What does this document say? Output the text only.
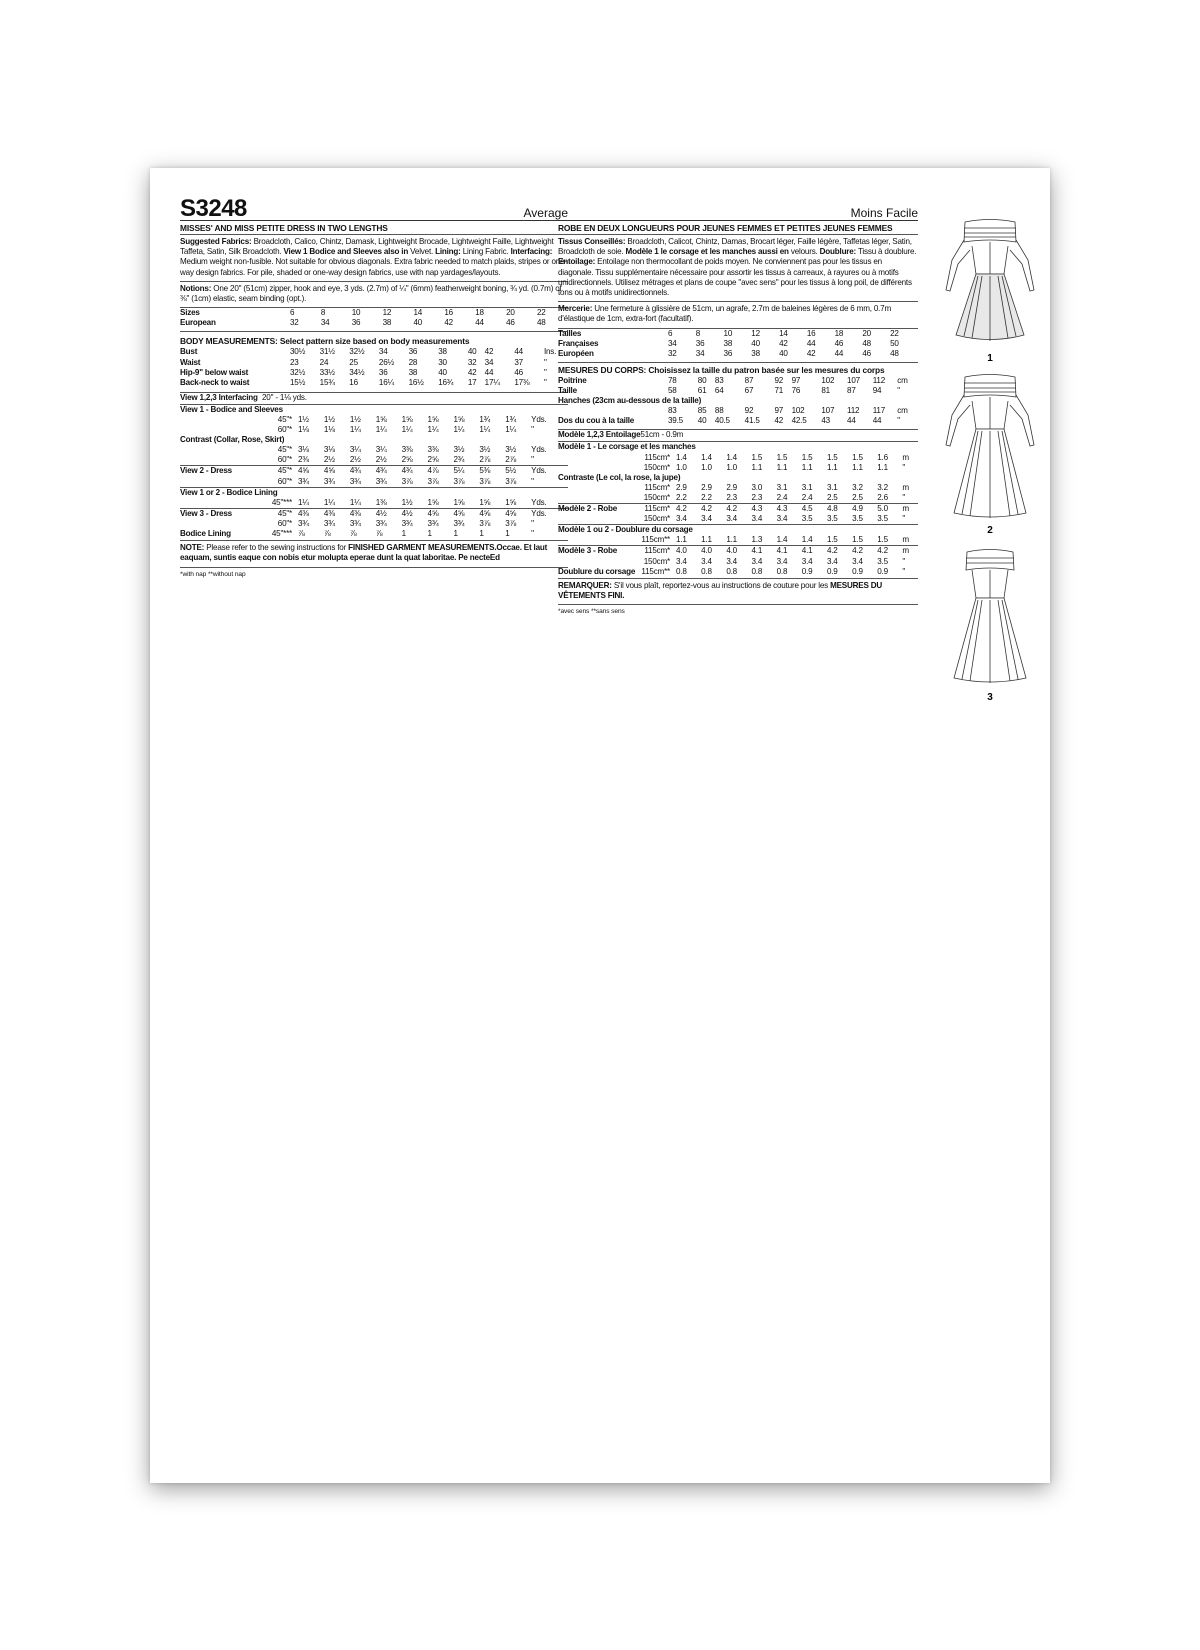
S3248	Average
MISSES' AND MISS PETITE DRESS IN TWO LENGTHS
Suggested Fabrics: Broadcloth, Calico, Chintz, Damask, Lightweight Brocade, Lightweight Faille, Lightweight Taffeta, Satin, Silk Broadcloth. View 1 Bodice and Sleeves also in Velvet. Lining: Lining Fabric. Interfacing: Medium weight non-fusible. Not suitable for obvious diagonals. Extra fabric needed to match plaids, stripes or one-way design fabrics. For pile, shaded or one-way design fabrics, use with nap yardages/layouts.
Notions: One 20" (51cm) zipper, hook and eye, 3 yds. (2.7m) of ¼" (6mm) featherweight boning, ¾ yd. (0.7m) of ⅜" (1cm) elastic, seam binding (opt.).
Sizes	6	8	10	12	14	16	18	20	22	
European	32	34	36	38	40	42	44	46	48	
BODY MEASUREMENTS: Select pattern size based on body measurements
Bust	30½	31½	32½	34	36	38	40	42	44	Ins.
Waist	23	24	25	26½	28	30	32	34	37	"
Hip-9" below waist	32½	33½	34½	36	38	40	42	44	46	"
Back-neck to waist	15½	15¾	16	16¼	16½	16¾	17	17¼	17⅜	"
View 1,2,3 Interfacing	20" - 1⅛ yds.
View 1 - Bodice and Sleeves											
	45"*	1½	1½	1½	1⅝	1⅝	1⅝	1⅝	1¾	1¾	Yds.
	60"*	1⅛	1⅛	1¼	1¼	1¼	1¼	1¼	1¼	1¼	"
Contrast (Collar, Rose, Skirt)											
	45"*	3⅛	3⅛	3¼	3¼	3⅜	3⅜	3½	3½	3½	Yds.
	60"*	2⅜	2½	2½	2½	2⅝	2⅝	2¾	2⅞	2⅞	"
View 2 - Dress	45"*	4⅝	4⅝	4¾	4¾	4¾	4⅞	5¼	5⅜	5½	Yds.
	60"*	3¾	3¾	3¾	3¾	3⅞	3⅞	3⅞	3⅞	3⅞	"
View 1 or 2 - Bodice Lining											
	45"***	1¼	1¼	1¼	1⅜	1½	1⅝	1⅝	1⅝	1⅝	Yds.
View 3 - Dress	45"*	4⅜	4⅜	4⅜	4½	4½	4⅝	4⅝	4⅝	4⅝	Yds.
	60"*	3¾	3¾	3¾	3¾	3¾	3¾	3¾	3⅞	3⅞	"
Bodice Lining	45"***	⅞	⅞	⅞	⅞	1	1	1	1	1	"
NOTE: Please refer to the sewing instructions for FINISHED GARMENT MEASUREMENTS.Occae. Et laut eaquam, suntis eaque con nobis etur molupta eperae dunt la quat laboritae. Pe necteEd
*with nap **without nap
Moins Facile
ROBE EN DEUX LONGUEURS POUR JEUNES FEMMES ET PETITES JEUNES FEMMES
Tissus Conseillés: Broadcloth, Calicot, Chintz, Damas, Brocart léger, Faille légère, Taffetas léger, Satin, Broadcloth de soie. Modèle 1 le corsage et les manches aussi en velours. Doublure: Tissu à doublure. Entoilage: Entoilage non thermocollant de poids moyen. Ne conviennent pas pour les tissus en diagonale. Tissu supplémentaire nécessaire pour assortir les tissus à carreaux, à rayures ou à motifs unidirectionnels. Utilisez métrages et plans de coupe "avec sens" pour les tissus à long poil, de différents tons ou à motifs unidirectionnels.
Mercerie: Une fermeture à glissière de 51cm, un agrafe, 2.7m de baleines légères de 6 mm, 0.7m d'élastique de 1cm, extra-fort (facultatif).
Tailles	6	8	10	12	14	16	18	20	22	
Françaises	34	36	38	40	42	44	46	48	50	
Européen	32	34	36	38	40	42	44	46	48	
MESURES DU CORPS: Choisissez la taille du patron basée sur les mesures du corps
Poitrine	78	80	83	87	92	97	102	107	112	cm
Taille	58	61	64	67	71	76	81	87	94	"
Hanches (23cm au-dessous de la taille)										
	83	85	88	92	97	102	107	112	117	cm
Dos du cou à la taille	39.5	40	40.5	41.5	42	42.5	43	44	44	"
Modèle 1,2,3 Entoilage	51cm - 0.9m
Modèle 1 - Le corsage et les manches											
	115cm*	1.4	1.4	1.4	1.5	1.5	1.5	1.5	1.5	1.6	m
	150cm*	1.0	1.0	1.0	1.1	1.1	1.1	1.1	1.1	1.1	"
Contraste (Le col, la rose, la jupe)											
	115cm*	2.9	2.9	2.9	3.0	3.1	3.1	3.1	3.2	3.2	m
	150cm*	2.2	2.2	2.3	2.3	2.4	2.4	2.5	2.5	2.6	"
Modèle 2 - Robe	115cm*	4.2	4.2	4.2	4.3	4.3	4.5	4.8	4.9	5.0	m
	150cm*	3.4	3.4	3.4	3.4	3.4	3.5	3.5	3.5	3.5	"
Modèle 1 ou 2 - Doublure du corsage											
	115cm**	1.1	1.1	1.1	1.3	1.4	1.4	1.5	1.5	1.5	m
Modèle 3 - Robe	115cm*	4.0	4.0	4.0	4.1	4.1	4.1	4.2	4.2	4.2	m
	150cm*	3.4	3.4	3.4	3.4	3.4	3.4	3.4	3.4	3.5	"
Doublure du corsage	115cm**	0.8	0.8	0.8	0.8	0.8	0.9	0.9	0.9	0.9	"
REMARQUER: S'il vous plaît, reportez-vous au instructions de couture pour les MESURES DU VÊTEMENTS FINI.
*avec sens **sans sens
1
2
3
